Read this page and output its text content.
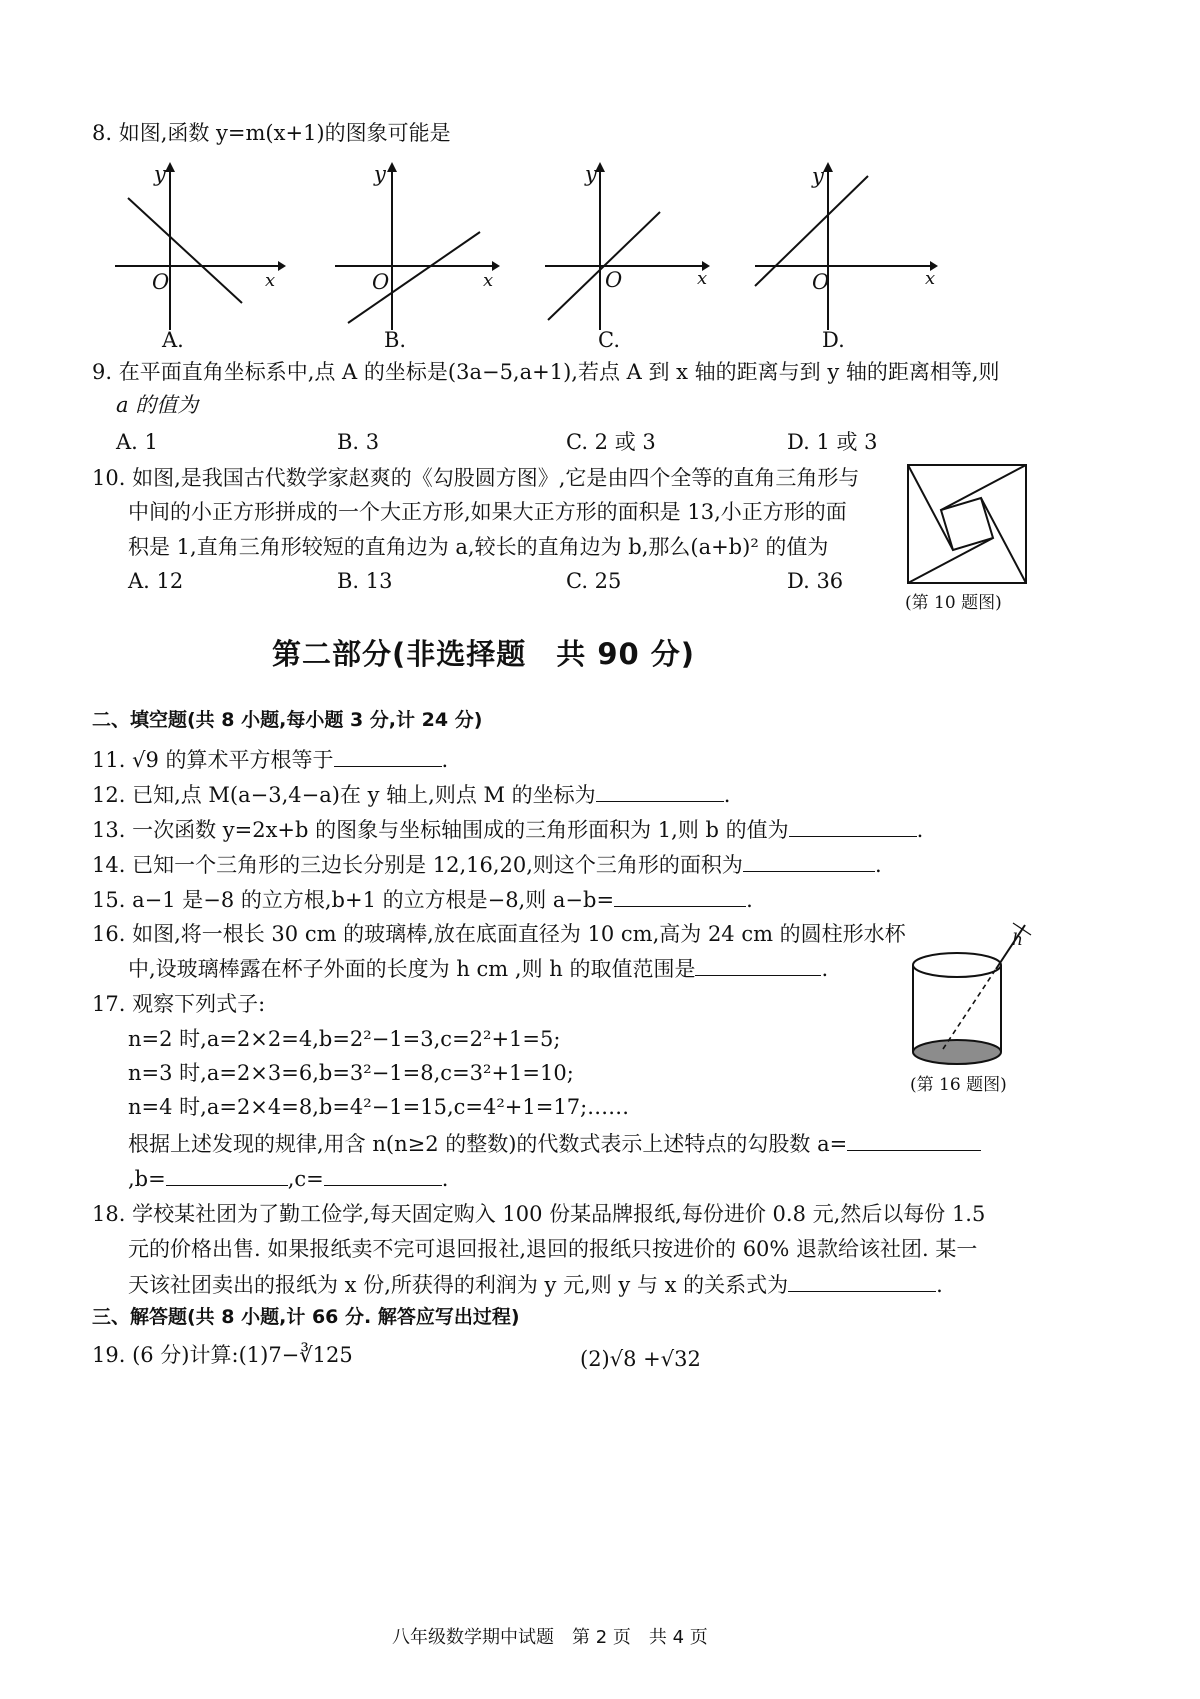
8. 如图,函数 y=m(x+1)的图象可能是
y
x
O
A.
y
x
O
B.
y
x
O
C.
y
x
O
D.
9. 在平面直角坐标系中,点 A 的坐标是(3a−5,a+1),若点 A 到 x 轴的距离与到 y 轴的距离相等,则
a 的值为
A. 1	B. 3	C. 2 或 3	D. 1 或 3
10. 如图,是我国古代数学家赵爽的《勾股圆方图》,它是由四个全等的直角三角形与
中间的小正方形拼成的一个大正方形,如果大正方形的面积是 13,小正方形的面
积是 1,直角三角形较短的直角边为 a,较长的直角边为 b,那么(a+b)² 的值为
A. 12	B. 13	C. 25	D. 36
(第 10 题图)
第二部分(非选择题　共 90 分)
二、填空题(共 8 小题,每小题 3 分,计 24 分)
11. √9 的算术平方根等于	.
12. 已知,点 M(a−3,4−a)在 y 轴上,则点 M 的坐标为	.
13. 一次函数 y=2x+b 的图象与坐标轴围成的三角形面积为 1,则 b 的值为	.
14. 已知一个三角形的三边长分别是 12,16,20,则这个三角形的面积为	.
15. a−1 是−8 的立方根,b+1 的立方根是−8,则 a−b=	.
16. 如图,将一根长 30 cm 的玻璃棒,放在底面直径为 10 cm,高为 24 cm 的圆柱形水杯
中,设玻璃棒露在杯子外面的长度为 h cm ,则 h 的取值范围是	.
h
(第 16 题图)
17. 观察下列式子:
n=2 时,a=2×2=4,b=2²−1=3,c=2²+1=5;
n=3 时,a=2×3=6,b=3²−1=8,c=3²+1=10;
n=4 时,a=2×4=8,b=4²−1=15,c=4²+1=17;……
根据上述发现的规律,用含 n(n≥2 的整数)的代数式表示上述特点的勾股数 a=
,b=	,c=	.
18. 学校某社团为了勤工俭学,每天固定购入 100 份某品牌报纸,每份进价 0.8 元,然后以每份 1.5
元的价格出售. 如果报纸卖不完可退回报社,退回的报纸只按进价的 60% 退款给该社团. 某一
天该社团卖出的报纸为 x 份,所获得的利润为 y 元,则 y 与 x 的关系式为	.
三、解答题(共 8 小题,计 66 分. 解答应写出过程)
19. (6 分)计算:(1)7−∛125	(2)√8 +√32
八年级数学期中试题　第 2 页　共 4 页
